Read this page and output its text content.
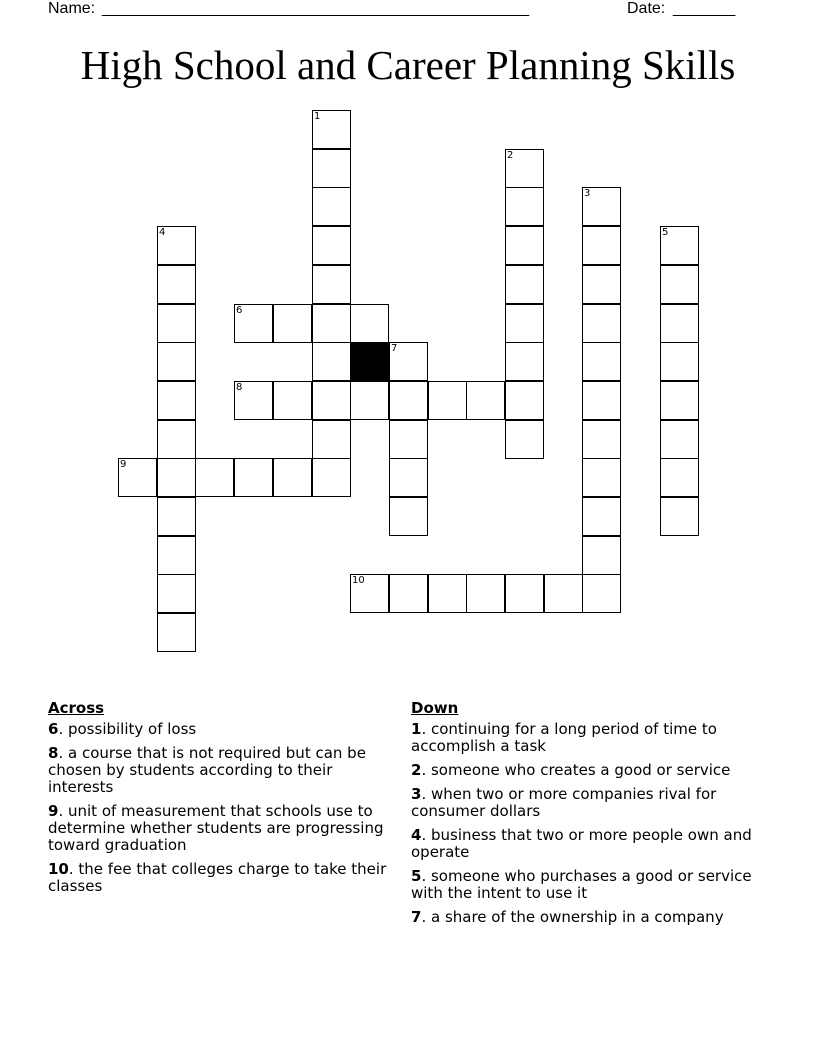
Name: ________________________________________________	Date: _______
High School and Career Planning Skills
1
2
3
4	5
6
7
8
9
10
Across
6. possibility of loss
8. a course that is not required but can be chosen by students according to their interests
9. unit of measurement that schools use to determine whether students are progressing toward graduation
10. the fee that colleges charge to take their classes
Down
1. continuing for a long period of time to accomplish a task
2. someone who creates a good or service
3. when two or more companies rival for consumer dollars
4. business that two or more people own and operate
5. someone who purchases a good or service with the intent to use it
7. a share of the ownership in a company
